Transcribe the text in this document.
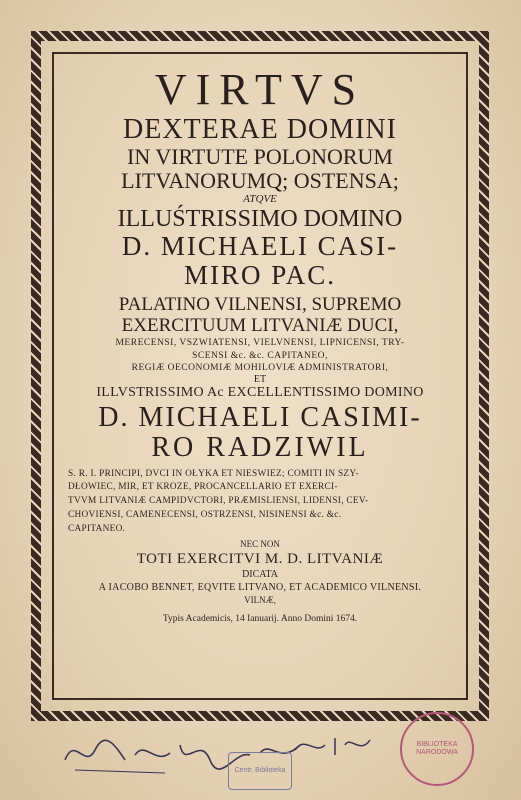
VIRTVS
DEXTERAE DOMINI
IN VIRTUTE POLONORUM
LITVANORUMQ; OSTENSA;
ATQVE
ILLUŚTRISSIMO DOMINO
D. MICHAELI CASI-
MIRO PAC.
PALATINO VILNENSI, SUPREMO
EXERCITUUM LITVANIÆ DUCI,
MERECENSI, VSZWIATENSI, VIELVNENSI, LIPNICENSI, TRY-
SCENSI &c. &c. CAPITANEO,
REGIÆ OECONOMIÆ MOHILOVIÆ ADMINISTRATORI,
ET
ILLVSTRISSIMO Ac EXCELLENTISSIMO DOMINO
D. MICHAELI CASIMI-
RO RADZIWIL
S. R. I. PRINCIPI, DVCI IN OŁYKA ET NIESWIEZ; COMITI IN SZY-
DŁOWIEC, MIR, ET KROZE, PROCANCELLARIO ET EXERCI-
TVVM LITVANIÆ CAMPIDVCTORI, PRÆMISLIENSI, LIDENSI, CEV-
CHOVIENSI, CAMENECENSI, OSTRZENSI, NISINENSI &c. &c.
CAPITANEO.
NEC NON
TOTI EXERCITVI M. D. LITVANIÆ
DICATA
A IACOBO BENNET, EQVITE LITVANO, ET ACADEMICO VILNENSI.
VILNÆ,
Typis Academicis, 14 Ianuarij. Anno Domini 1674.
Centr. Biblioteka
BIBLIOTEKA NARODOWA
